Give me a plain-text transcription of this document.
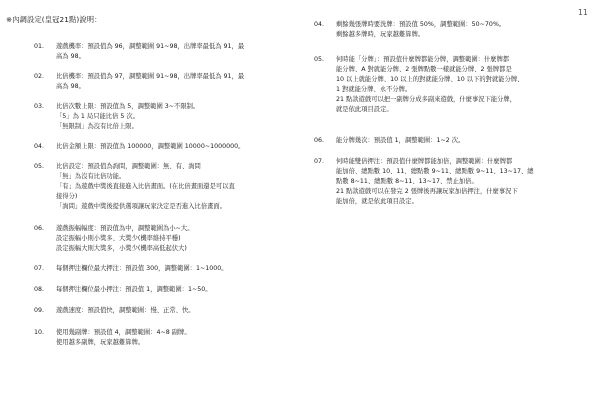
11
※內調設定(皇冠21點)說明：
01.	遊戲機率：預設值為 96，調整範圍 91~98，出牌率最低為 91，最
高為 98。
02.	比倍機率：預設值為 97，調整範圍 91~98，出牌率最低為 91，最
高為 98。
03.	比倍次數上限：預設值為 5，調整範圍 3~不限制。
「5」為 1 局只能比倍 5 次。
「無限制」為沒有比倍上限。
04.	比倍金額上限：預設值為 100000，調整範圍 10000~1000000。
05.	比倍設定：預設值為詢問，調整範圍：無、有、詢問
「無」為沒有比倍功能。
「有」為遊戲中獎後直接進入比倍畫面。(在比倍畫面還是可以直
接得分)
「詢問」遊戲中獎後提供選項讓玩家決定是否進入比倍畫面。
06.	遊戲振幅幅度：預設值為中，調整範圍為小~大。
設定振幅小則小獎多、大獎少(機率維持平穩)
設定振幅大則大獎多，小獎少(機率高低起伏大)
07.	每個押注欄位最大押注：預設值 300，調整範圍：1~1000。
08.	每個押注欄位最小押注：預設值 1，調整範圍：1~50。
09.	遊戲速度：預設值快，調整範圍：慢、正常、快。
10.	使用幾副牌：預設值 4，調整範圍：4~8 副牌。
使用越多副牌，玩家越難算牌。
04.	剩餘幾張牌時要洗牌：預設值 50%，調整範圍：50~70%。
剩餘越多牌時，玩家越難算牌。
05.	何時能「分牌」：預設值什麼牌都能分牌，調整範圍：什麼牌都
能分牌、A 對就能分牌、2 張牌點數一樣就能分牌、2 張牌都是
10 以上就能分牌、10 以上的對就能分牌、10 以下的對就能分牌、
1 對就能分牌、永不分牌。
21 點款遊戲可以把一副牌分成多副來遊戲，什麼事況下能分牌，
就是依此項目設定。
06.	能分牌幾次：預設值 1，調整範圍：1~2 次。
07.	何時能雙倍押注：預設值什麼牌都能加倍，調整範圍：什麼牌都
能加倍、總點數 10、11、總點數 9~11、總點數 9~11、13~17、總
點數 8~11、總點數 8~11、13~17、禁止加倍。
21 點款遊戲可以在發完 2 張牌後再讓玩家加倍押注，什麼事況下
能加倍，就是依此項目設定。
